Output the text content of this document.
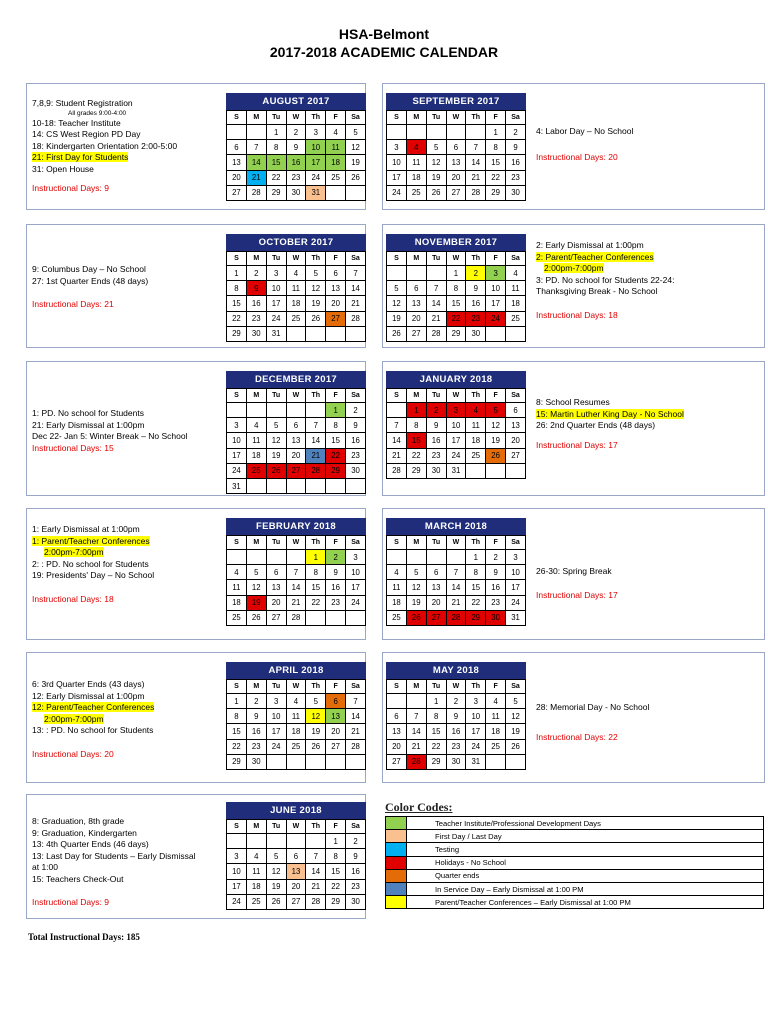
HSA-Belmont
2017-2018 ACADEMIC CALENDAR
7,8,9: Student Registration
All grades 9:00-4:00
10-18: Teacher Institute
14: CS West Region PD Day
18: Kindergarten Orientation 2:00-5:00
21: First Day for Students
31: Open House
Instructional Days: 9
4: Labor Day – No School
Instructional Days: 20
9: Columbus Day – No School
27: 1st Quarter Ends (48 days)
Instructional Days: 21
2: Early Dismissal at 1:00pm
2: Parent/Teacher Conferences
2:00pm-7:00pm
3: PD. No school for Students 22-24:
Thanksgiving Break - No School
Instructional Days: 18
1: PD. No school for Students
21: Early Dismissal at 1:00pm
Dec 22- Jan 5: Winter Break – No School
Instructional Days: 15
8: School Resumes
15: Martin Luther King Day - No School
26: 2nd Quarter Ends (48 days)
Instructional Days: 17
1: Early Dismissal at 1:00pm
1: Parent/Teacher Conferences
2:00pm-7:00pm
2: : PD. No school for Students
19: Presidents' Day – No School
Instructional Days: 18
26-30: Spring Break
Instructional Days: 17
6: 3rd Quarter Ends (43 days)
12: Early Dismissal at 1:00pm
12: Parent/Teacher Conferences
2:00pm-7:00pm
13: : PD. No school for Students
Instructional Days: 20
28: Memorial Day - No School
Instructional Days: 22
8: Graduation, 8th grade
9: Graduation, Kindergarten
13: 4th Quarter Ends (46 days)
13: Last Day for Students – Early Dismissal
at 1:00
15: Teachers Check-Out
Instructional Days: 9
AUGUST 2017
S	M	Tu	W	Th	F	Sa
		1	2	3	4	5
6	7	8	9	10	11	12
13	14	15	16	17	18	19
20	21	22	23	24	25	26
27	28	29	30	31		
SEPTEMBER 2017
S	M	Tu	W	Th	F	Sa
					1	2
3	4	5	6	7	8	9
10	11	12	13	14	15	16
17	18	19	20	21	22	23
24	25	26	27	28	29	30
OCTOBER 2017
S	M	Tu	W	Th	F	Sa
1	2	3	4	5	6	7
8	9	10	11	12	13	14
15	16	17	18	19	20	21
22	23	24	25	26	27	28
29	30	31				
NOVEMBER 2017
S	M	Tu	W	Th	F	Sa
			1	2	3	4
5	6	7	8	9	10	11
12	13	14	15	16	17	18
19	20	21	22	23	24	25
26	27	28	29	30		
DECEMBER 2017
S	M	Tu	W	Th	F	Sa
					1	2
3	4	5	6	7	8	9
10	11	12	13	14	15	16
17	18	19	20	21	22	23
24	25	26	27	28	29	30
31						
JANUARY 2018
S	M	Tu	W	Th	F	Sa
	1	2	3	4	5	6
7	8	9	10	11	12	13
14	15	16	17	18	19	20
21	22	23	24	25	26	27
28	29	30	31			
FEBRUARY 2018
S	M	Tu	W	Th	F	Sa
				1	2	3
4	5	6	7	8	9	10
11	12	13	14	15	16	17
18	19	20	21	22	23	24
25	26	27	28			
MARCH 2018
S	M	Tu	W	Th	F	Sa
				1	2	3
4	5	6	7	8	9	10
11	12	13	14	15	16	17
18	19	20	21	22	23	24
25	26	27	28	29	30	31
APRIL 2018
S	M	Tu	W	Th	F	Sa
1	2	3	4	5	6	7
8	9	10	11	12	13	14
15	16	17	18	19	20	21
22	23	24	25	26	27	28
29	30					
MAY 2018
S	M	Tu	W	Th	F	Sa
		1	2	3	4	5
6	7	8	9	10	11	12
13	14	15	16	17	18	19
20	21	22	23	24	25	26
27	28	29	30	31		
JUNE 2018
S	M	Tu	W	Th	F	Sa
					1	2
3	4	5	6	7	8	9
10	11	12	13	14	15	16
17	18	19	20	21	22	23
24	25	26	27	28	29	30
Color Codes:
	Teacher Institute/Professional Development Days
	First Day / Last Day
	Testing
	Holidays - No School
	Quarter ends
	In Service Day – Early Dismissal at 1:00 PM
	Parent/Teacher Conferences – Early Dismissal at 1:00 PM
Total Instructional Days: 185
